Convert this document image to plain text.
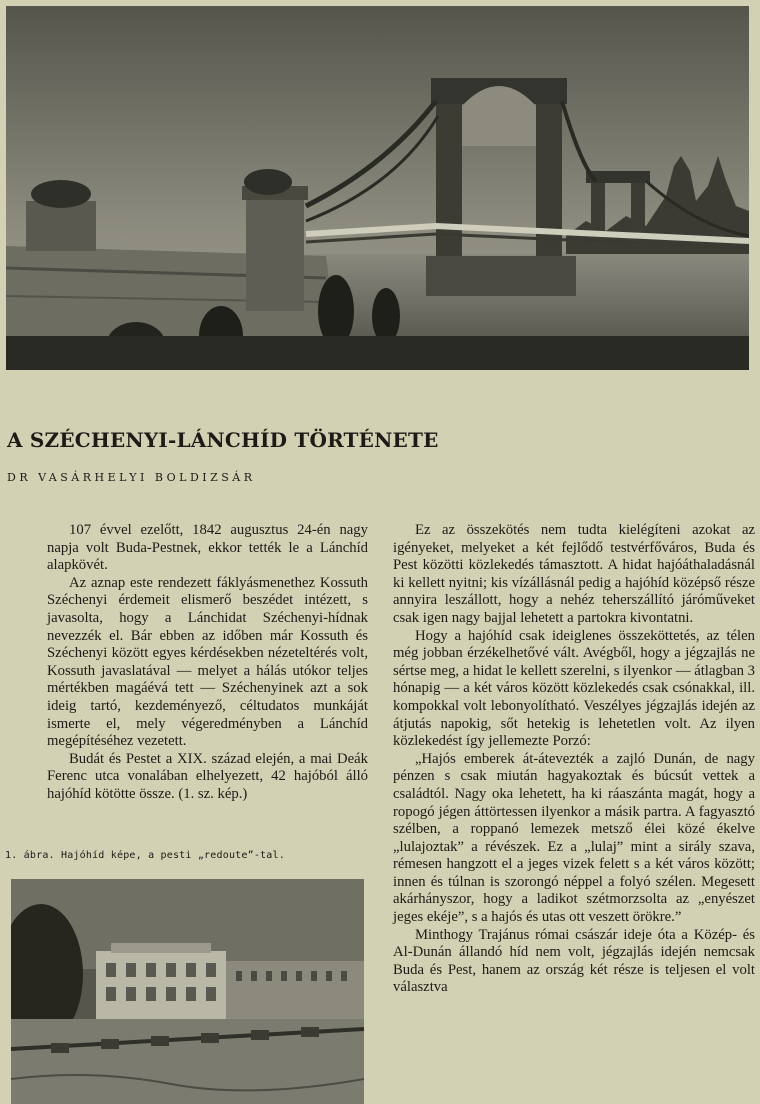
A SZÉCHENYI-LÁNCHÍD TÖRTÉNETE
DR VASÁRHELYI BOLDIZSÁR

107 évvel ezelőtt, 1842 augusztus 24-én nagy napja volt Buda-Pestnek, ekkor tették le a Lánchíd alapkövét.

Az aznap este rendezett fáklyásmenethez Kossuth Széchenyi érdemeit elismerő beszédet intézett, s javasolta, hogy a Lánchidat Széchenyi-hídnak nevezzék el. Bár ebben az időben már Kossuth és Széchenyi között egyes kérdésekben nézeteltérés volt, Kossuth javaslatával — melyet a hálás utókor teljes mértékben magáévá tett — Széchenyinek azt a sok ideig tartó, kezdeményező, céltudatos munkáját ismerte el, mely végeredményben a Lánchíd megépítéséhez vezetett.

Budát és Pestet a XIX. század elején, a mai Deák Ferenc utca vonalában elhelyezett, 42 hajóból álló hajóhíd kötötte össze. (1. sz. kép.)

1. ábra. Hajóhíd képe, a pesti „redoute”-tal.

Ez az összekötés nem tudta kielégíteni azokat az igényeket, melyeket a két fejlődő testvérfőváros, Buda és Pest közötti közlekedés támasztott. A hidat hajóáthaladásnál ki kellett nyitni; kis vízállásnál pedig a hajóhíd középső része annyira leszállott, hogy a nehéz teherszállító járóműveket csak igen nagy bajjal lehetett a partokra kivontatni.

Hogy a hajóhíd csak ideiglenes összeköttetés, az télen még jobban érzékelhetővé vált. Avégből, hogy a jégzajlás ne sértse meg, a hidat le kellett szerelni, s ilyenkor — átlagban 3 hónapig — a két város között közlekedés csak csónakkal, ill. kompokkal volt lebonyolítható. Veszélyes jégzajlás idején az átjutás napokig, sőt hetekig is lehetetlen volt. Az ilyen közlekedést így jellemezte Porzó:

„Hajós emberek át-átevezték a zajló Dunán, de nagy pénzen s csak miután hagyakoztak és búcsút vettek a családtól. Nagy oka lehetett, ha ki ráaszánta magát, hogy a ropogó jégen áttörtessen ilyenkor a másik partra. A fagyasztó szélben, a roppanó lemezek metsző élei közé ékelve „lulajoztak” a révészek. Ez a „lulaj” mint a sirály szava, rémesen hangzott el a jeges vizek felett s a két város között; innen és túlnan is szorongó néppel a folyó szélen. Megesett akárhányszor, hogy a ladikot szétmorzsolta az „enyészet jeges ekéje”, s a hajós és utas ott veszett örökre.”

Minthogy Trajánus római császár ideje óta a Közép- és Al-Dunán állandó híd nem volt, jégzajlás idején nemcsak Buda és Pest, hanem az ország két része is teljesen el volt választva
